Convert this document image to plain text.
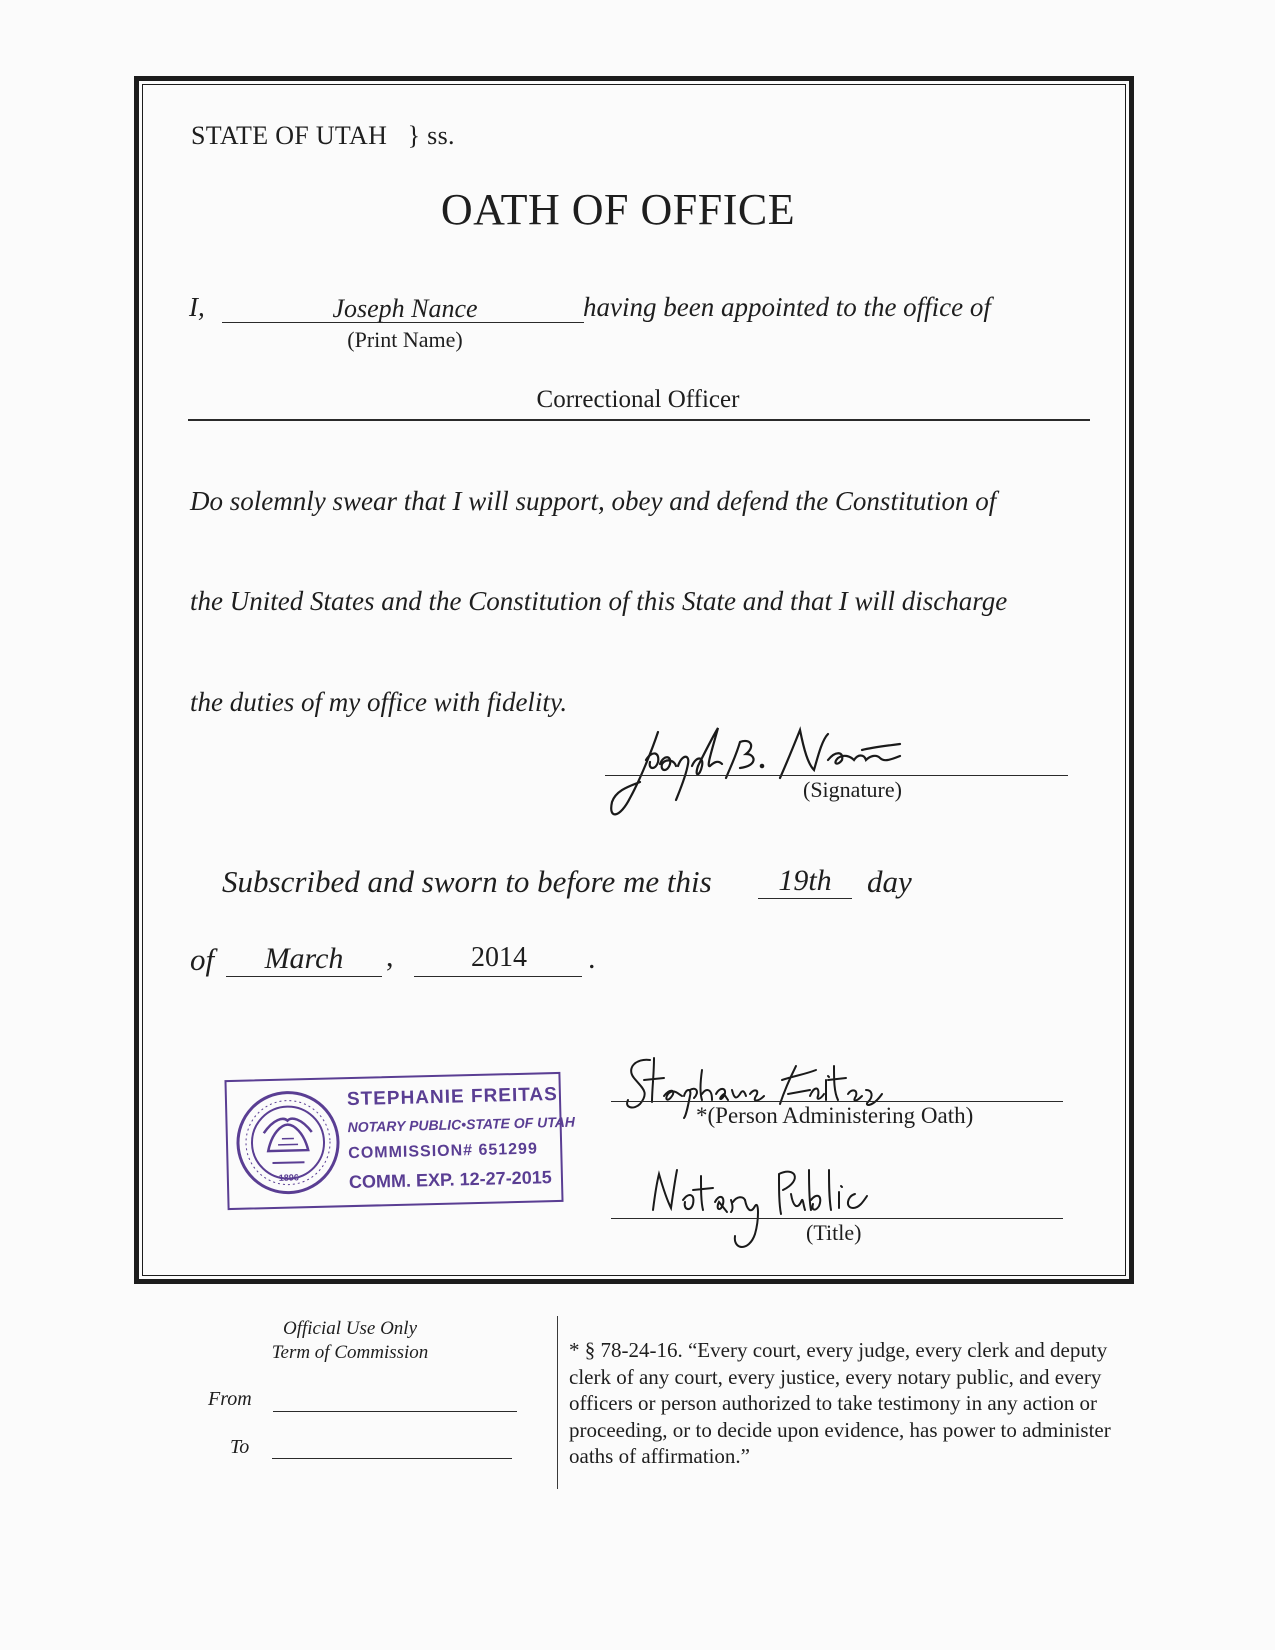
STATE OF UTAH } ss.
OATH OF OFFICE
I,	Joseph Nance
(Print Name)
having been appointed to the office of
Correctional Officer
Do solemnly swear that I will support, obey and defend the Constitution of
the United States and the Constitution of this State and that I will discharge
the duties of my office with fidelity.
(Signature)
Subscribed and sworn to before me this	19th	day
of	March	,	2014	.
1896
STEPHANIE FREITAS
NOTARY PUBLIC•STATE OF UTAH
COMMISSION# 651299
COMM. EXP. 12-27-2015
*(Person Administering Oath)
(Title)
Official Use Only
Term of Commission
From
To
* § 78-24-16. “Every court, every judge, every clerk and deputy clerk of any court, every justice, every notary public, and every officers or person authorized to take testimony in any action or proceeding, or to decide upon evidence, has power to administer oaths of affirmation.”
